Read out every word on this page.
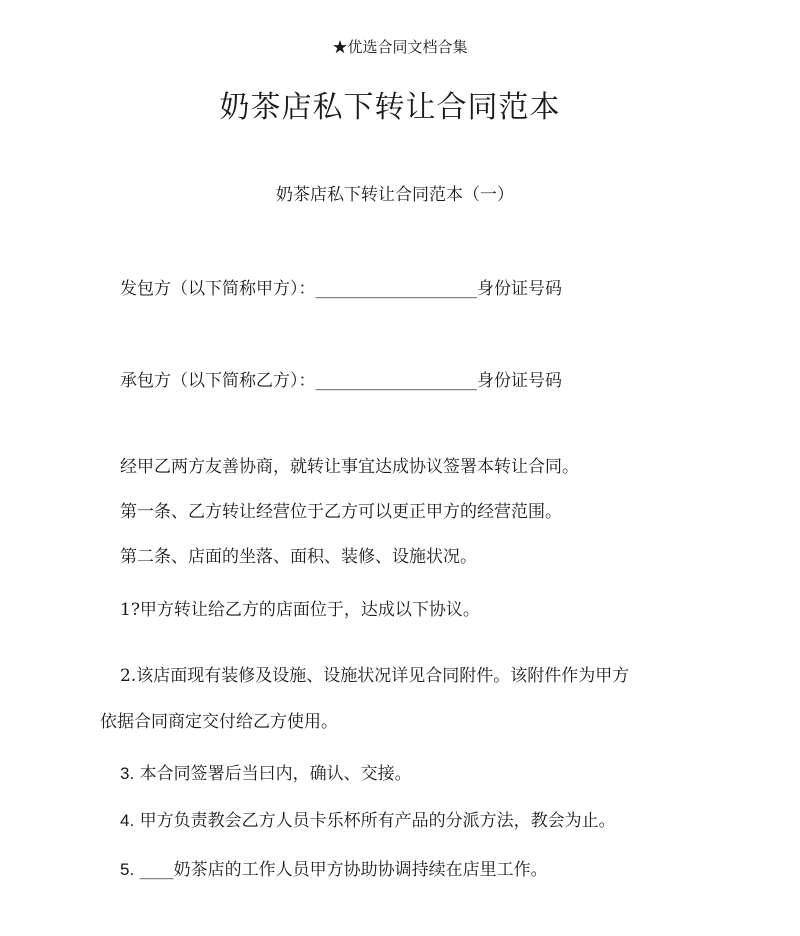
★优选合同文档合集
奶茶店私下转让合同范本
奶茶店私下转让合同范本（一）
发包方（以下简称甲方）：___________________身份证号码
承包方（以下简称乙方）：___________________身份证号码
经甲乙两方友善协商，就转让事宜达成协议签署本转让合同。
第一条、乙方转让经营位于乙方可以更正甲方的经营范围。
第二条、店面的坐落、面积、装修、设施状况。
1?甲方转让给乙方的店面位于，达成以下协议。
2.该店面现有装修及设施、设施状况详见合同附件。该附件作为甲方
依据合同商定交付给乙方使用。
3. 本合同签署后当曰内，确认、交接。
4. 甲方负责教会乙方人员卡乐杯所有产品的分派方法，教会为止。
5. ____奶茶店的工作人员甲方协助协调持续在店里工作。
